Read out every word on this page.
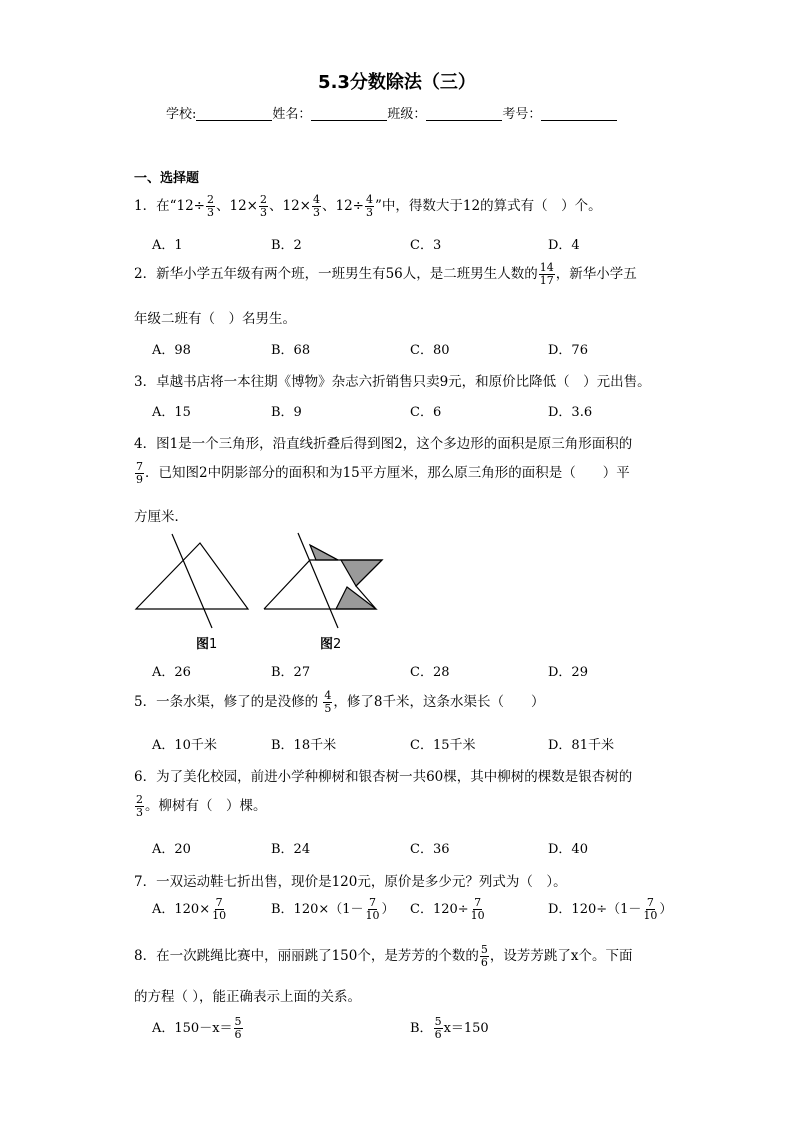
5.3分数除法（三）
学校:	姓名：	班级：	考号：
一、选择题
1．在“$12\div \frac{2}{3}$ 、$12\times \frac{2}{3}$ 、$12\times \frac{4}{3}$ 、$12\div \frac{4}{3}$ ”中，得数大于12的算式有（　）个。
A．1	B．2	C．3	D．4
2．新华小学五年级有两个班，一班男生有56人，是二班男生人数的 $\frac{14}{17}$ ，新华小学五
年级二班有（　）名男生。
A．98	B．68	C．80	D．76
3．卓越书店将一本往期《博物》杂志六折销售只卖9元，和原价比降低（　）元出售。
A．15	B．9	C．6	D．3.6
4．图1是一个三角形，沿直线折叠后得到图2，这个多边形的面积是原三角形面积的
$\frac{7}{9}$ ．已知图2中阴影部分的面积和为15平方厘米，那么原三角形的面积是（　　）平
方厘米．
图1	图2
A．26	B．27	C．28	D．29
5．一条水渠，修了的是没修的 $\frac{4}{5}$ ，修了8千米，这条水渠长（　　）
A．10千米	B．18千米	C．15千米	D．81千米
6．为了美化校园，前进小学种柳树和银杏树一共60棵，其中柳树的棵数是银杏树的
$\frac{2}{3}$ 。柳树有（　）棵。
A．20	B．24	C．36	D．40
7．一双运动鞋七折出售，现价是120元，原价是多少元？列式为（　）。
A．$120\times \frac{7}{10}$	B．$120\times(1- \frac{7}{10}$ ） C．$120\div \frac{7}{10}$	D．$120\div(1- \frac{7}{10}$ ）
8．在一次跳绳比赛中，丽丽跳了150个，是芳芳的个数的 $\frac{5}{6}$ ，设芳芳跳了x个。下面
的方程（ ），能正确表示上面的关系。
A．$150-x= \frac{5}{6}$	B． $\frac{5}{6} x=150$
